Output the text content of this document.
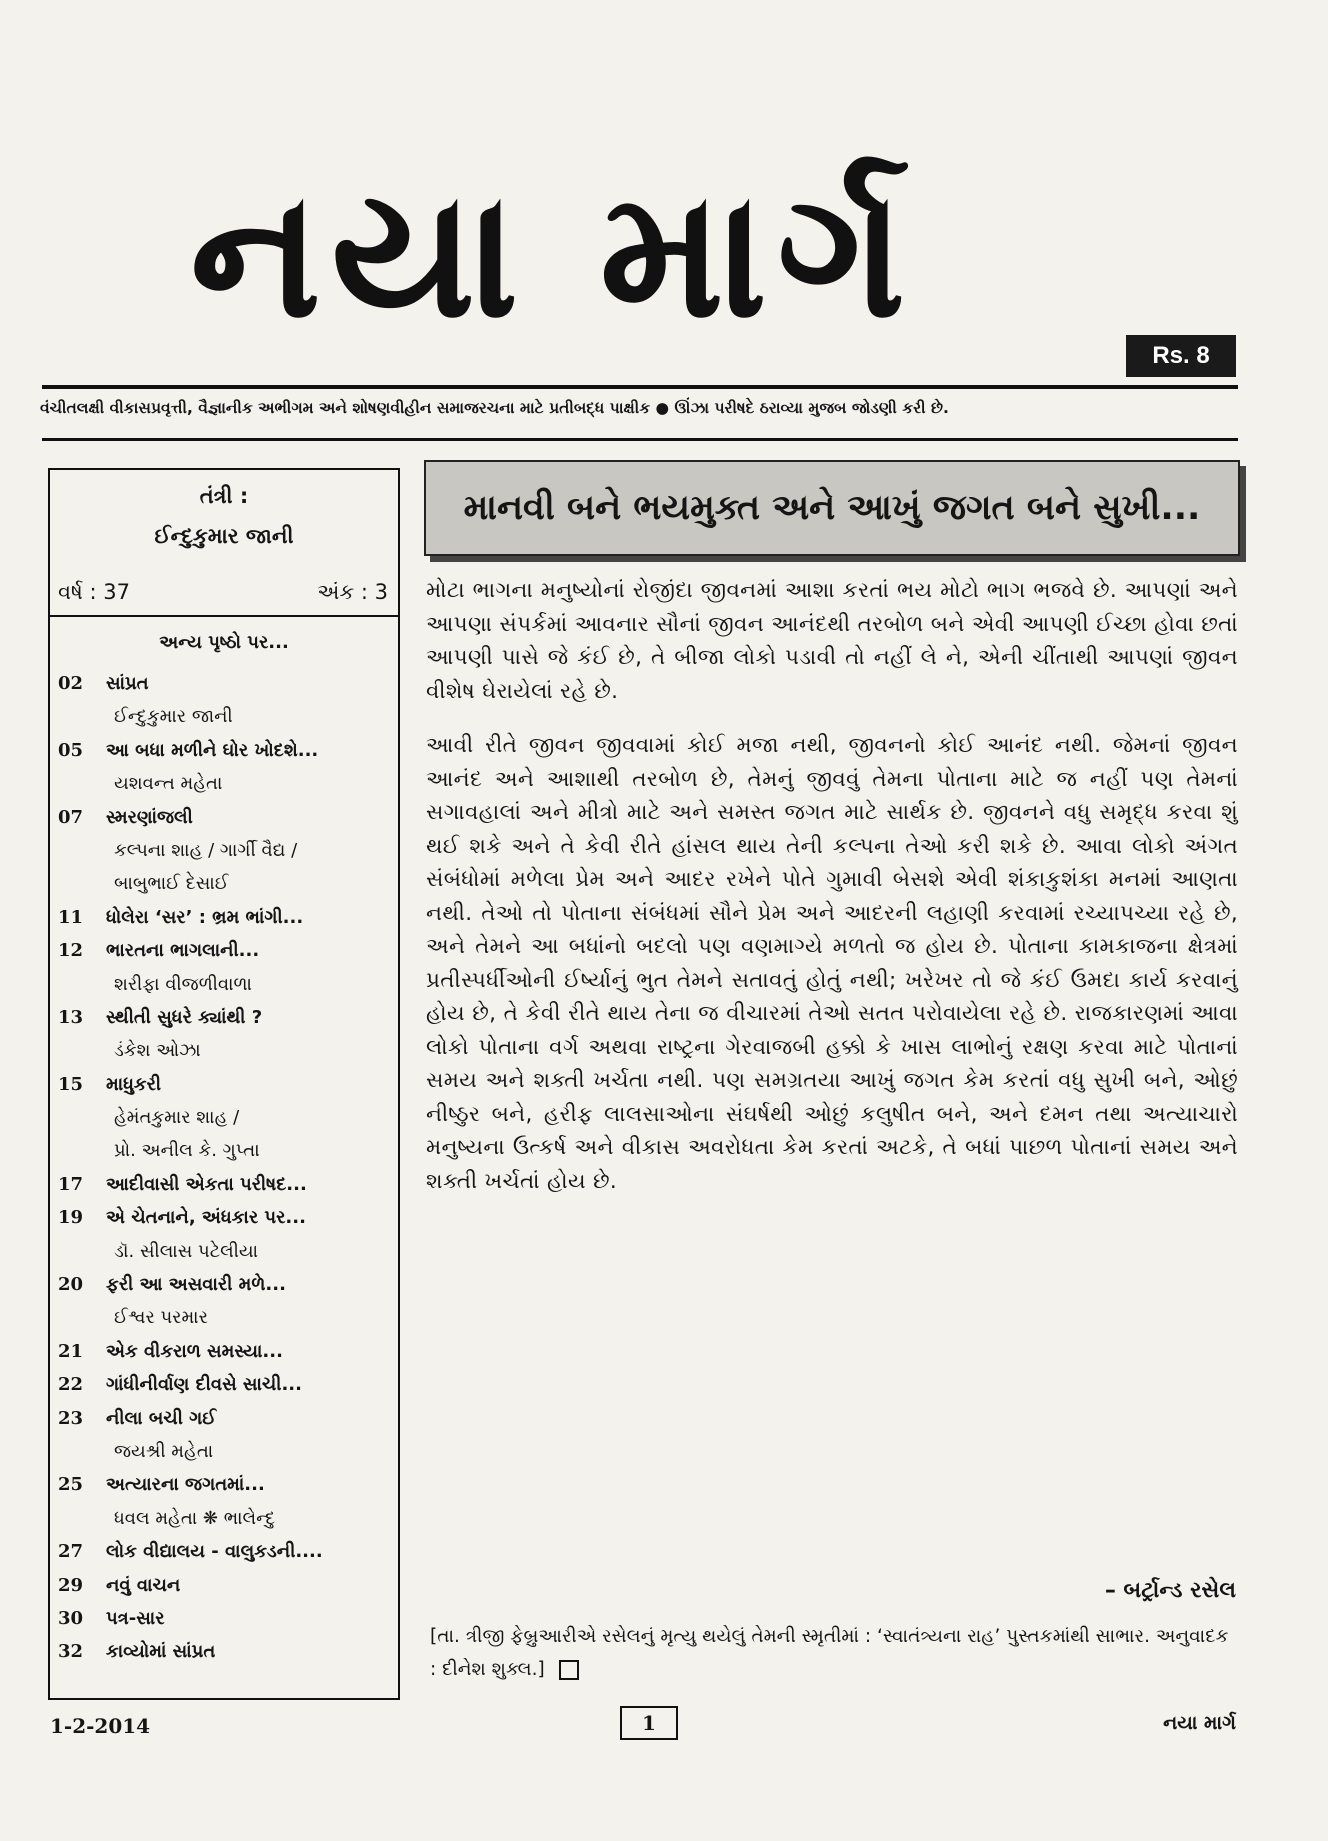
નયા માર્ગ	Rs. 8
વંચીતલક્ષી વીકાસપ્રવૃત્તી, વૈજ્ઞાનીક અભીગમ અને શોષણવીહીન સમાજરચના માટે પ્રતીબદ્ધ પાક્ષીક ● ઊંઝા પરીષદે ઠરાવ્યા મુજબ જોડણી કરી છે.
તંત્રી :
ઈન્દુકુમાર જાની
વર્ષ : 37	અંક : 3
અન્ય પૃષ્ઠો પર...
02 સાંપ્રત
ઈન્દુકુમાર જાની
05 આ બધા મળીને ઘોર ખોદશે...
યશવન્ત મહેતા
07 સ્મરણાંજલી
કલ્પના શાહ / ગાર્ગી વૈદ્ય /
બાબુભાઈ દેસાઈ
11 ધોલેરા ‘સર’ : ભ્રમ ભાંગી...
12 ભારતના ભાગલાની...
શરીફા વીજળીવાળા
13 સ્થીતી સુધરે ક્યાંથી ?
ડંકેશ ઓઝા
15 માધુકરી
હેમંતકુમાર શાહ /
પ્રો. અનીલ કે. ગુપ્તા
17 આદીવાસી એકતા પરીષદ...
19 એ ચેતનાને, અંધકાર પર...
ડૉ. સીલાસ પટેલીયા
20 ફરી આ અસવારી મળે...
ઈશ્વર પરમાર
21 એક વીકરાળ સમસ્યા...
22 ગાંધીનીર્વાણ દીવસે સાચી...
23 નીલા બચી ગઈ
જયશ્રી મહેતા
25 અત્યારના જગતમાં...
ધવલ મહેતા ❋ ભાલેન્દુ
27 લોક વીદ્યાલય - વાલુકડની....
29 નવું વાચન
30 પત્ર-સાર
32 કાવ્યોમાં સાંપ્રત
માનવી બને ભયમુક્ત અને આખું જગત બને સુખી...

મોટા ભાગના મનુષ્યોનાં રોજીંદા જીવનમાં આશા કરતાં ભય મોટો ભાગ ભજવે છે. આપણાં અને આપણા સંપર્કમાં આવનાર સૌનાં જીવન આનંદથી તરબોળ બને એવી આપણી ઈચ્છા હોવા છતાં આપણી પાસે જે કંઈ છે, તે બીજા લોકો પડાવી તો નહીં લે ને, એની ચીંતાથી આપણાં જીવન વીશેષ ઘેરાયેલાં રહે છે.

આવી રીતે જીવન જીવવામાં કોઈ મજા નથી, જીવનનો કોઈ આનંદ નથી. જેમનાં જીવન આનંદ અને આશાથી તરબોળ છે, તેમનું જીવવું તેમના પોતાના માટે જ નહીં પણ તેમનાં સગાવહાલાં અને મીત્રો માટે અને સમસ્ત જગત માટે સાર્થક છે. જીવનને વધુ સમૃદ્ધ કરવા શું થઈ શકે અને તે કેવી રીતે હાંસલ થાય તેની કલ્પના તેઓ કરી શકે છે. આવા લોકો અંગત સંબંધોમાં મળેલા પ્રેમ અને આદર રખેને પોતે ગુમાવી બેસશે એવી શંકાકુશંકા મનમાં આણતા નથી. તેઓ તો પોતાના સંબંધમાં સૌને પ્રેમ અને આદરની લહાણી કરવામાં રચ્યાપચ્યા રહે છે, અને તેમને આ બધાંનો બદલો પણ વણમાગ્યે મળતો જ હોય છે. પોતાના કામકાજના ક્ષેત્રમાં પ્રતીસ્પર્ધીઓની ઈર્ષ્યાનું ભુત તેમને સતાવતું હોતું નથી; ખરેખર તો જે કંઈ ઉમદા કાર્ય કરવાનું હોય છે, તે કેવી રીતે થાય તેના જ વીચારમાં તેઓ સતત પરોવાયેલા રહે છે. રાજકારણમાં આવા લોકો પોતાના વર્ગ અથવા રાષ્ટ્રના ગેરવાજબી હક્કો કે ખાસ લાભોનું રક્ષણ કરવા માટે પોતાનાં સમય અને શક્તી ખર્ચતા નથી. પણ સમગ્રતયા આખું જગત કેમ કરતાં વધુ સુખી બને, ઓછું નીષ્ઠુર બને, હરીફ લાલસાઓના સંઘર્ષથી ઓછું કલુષીત બને, અને દમન તથા અત્યાચારો મનુષ્યના ઉત્કર્ષ અને વીકાસ અવરોધતા કેમ કરતાં અટકે, તે બધાં પાછળ પોતાનાં સમય અને શક્તી ખર્ચતાં હોય છે.

– બર્ટ્રાન્ડ રસેલ
[તા. ત્રીજી ફેબ્રુઆરીએ રસેલનું મૃત્યુ થયેલું તેમની સ્મૃતીમાં : ‘સ્વાતંત્ર્યના રાહ’ પુસ્તકમાંથી સાભાર. અનુવાદક : દીનેશ શુક્લ.]
1-2-2014	1	નયા માર્ગ
